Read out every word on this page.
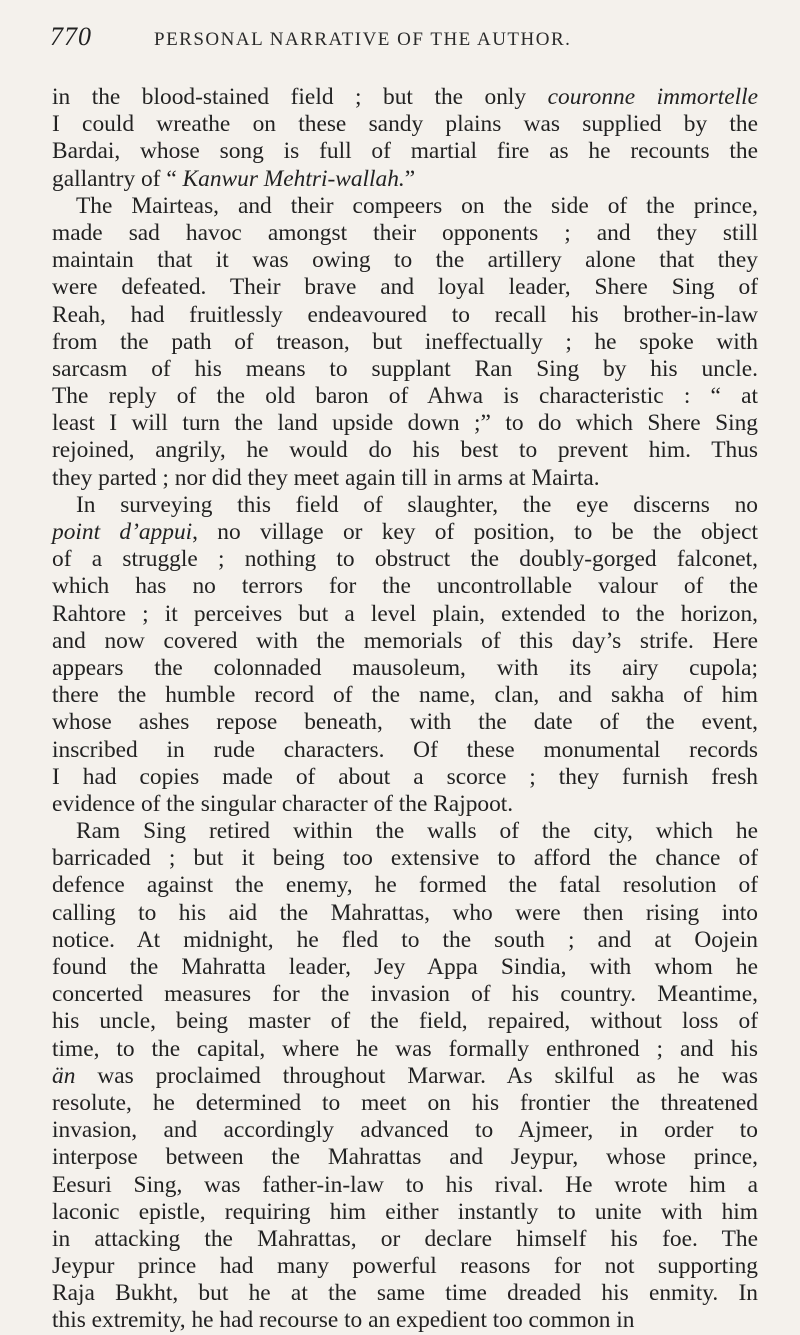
770	PERSONAL NARRATIVE OF THE AUTHOR.
in the blood-stained field ; but the only couronne immortelle
I could wreathe on these sandy plains was supplied by the
Bardai, whose song is full of martial fire as he recounts the
gallantry of “ Kanwur Mehtri-wallah.”
The Mairteas, and their compeers on the side of the prince,
made sad havoc amongst their opponents ; and they still
maintain that it was owing to the artillery alone that they
were defeated. Their brave and loyal leader, Shere Sing of
Reah, had fruitlessly endeavoured to recall his brother-in-law
from the path of treason, but ineffectually ; he spoke with
sarcasm of his means to supplant Ran Sing by his uncle.
The reply of the old baron of Ahwa is characteristic : “ at
least I will turn the land upside down ;” to do which Shere Sing
rejoined, angrily, he would do his best to prevent him. Thus
they parted ; nor did they meet again till in arms at Mairta.
In surveying this field of slaughter, the eye discerns no
point d’appui, no village or key of position, to be the object
of a struggle ; nothing to obstruct the doubly-gorged falconet,
which has no terrors for the uncontrollable valour of the
Rahtore ; it perceives but a level plain, extended to the horizon,
and now covered with the memorials of this day’s strife. Here
appears the colonnaded mausoleum, with its airy cupola;
there the humble record of the name, clan, and sakha of him
whose ashes repose beneath, with the date of the event,
inscribed in rude characters. Of these monumental records
I had copies made of about a scorce ; they furnish fresh
evidence of the singular character of the Rajpoot.
Ram Sing retired within the walls of the city, which he
barricaded ; but it being too extensive to afford the chance of
defence against the enemy, he formed the fatal resolution of
calling to his aid the Mahrattas, who were then rising into
notice. At midnight, he fled to the south ; and at Oojein
found the Mahratta leader, Jey Appa Sindia, with whom he
concerted measures for the invasion of his country. Meantime,
his uncle, being master of the field, repaired, without loss of
time, to the capital, where he was formally enthroned ; and his
än was proclaimed throughout Marwar. As skilful as he was
resolute, he determined to meet on his frontier the threatened
invasion, and accordingly advanced to Ajmeer, in order to
interpose between the Mahrattas and Jeypur, whose prince,
Eesuri Sing, was father-in-law to his rival. He wrote him a
laconic epistle, requiring him either instantly to unite with him
in attacking the Mahrattas, or declare himself his foe. The
Jeypur prince had many powerful reasons for not supporting
Raja Bukht, but he at the same time dreaded his enmity. In
this extremity, he had recourse to an expedient too common in
